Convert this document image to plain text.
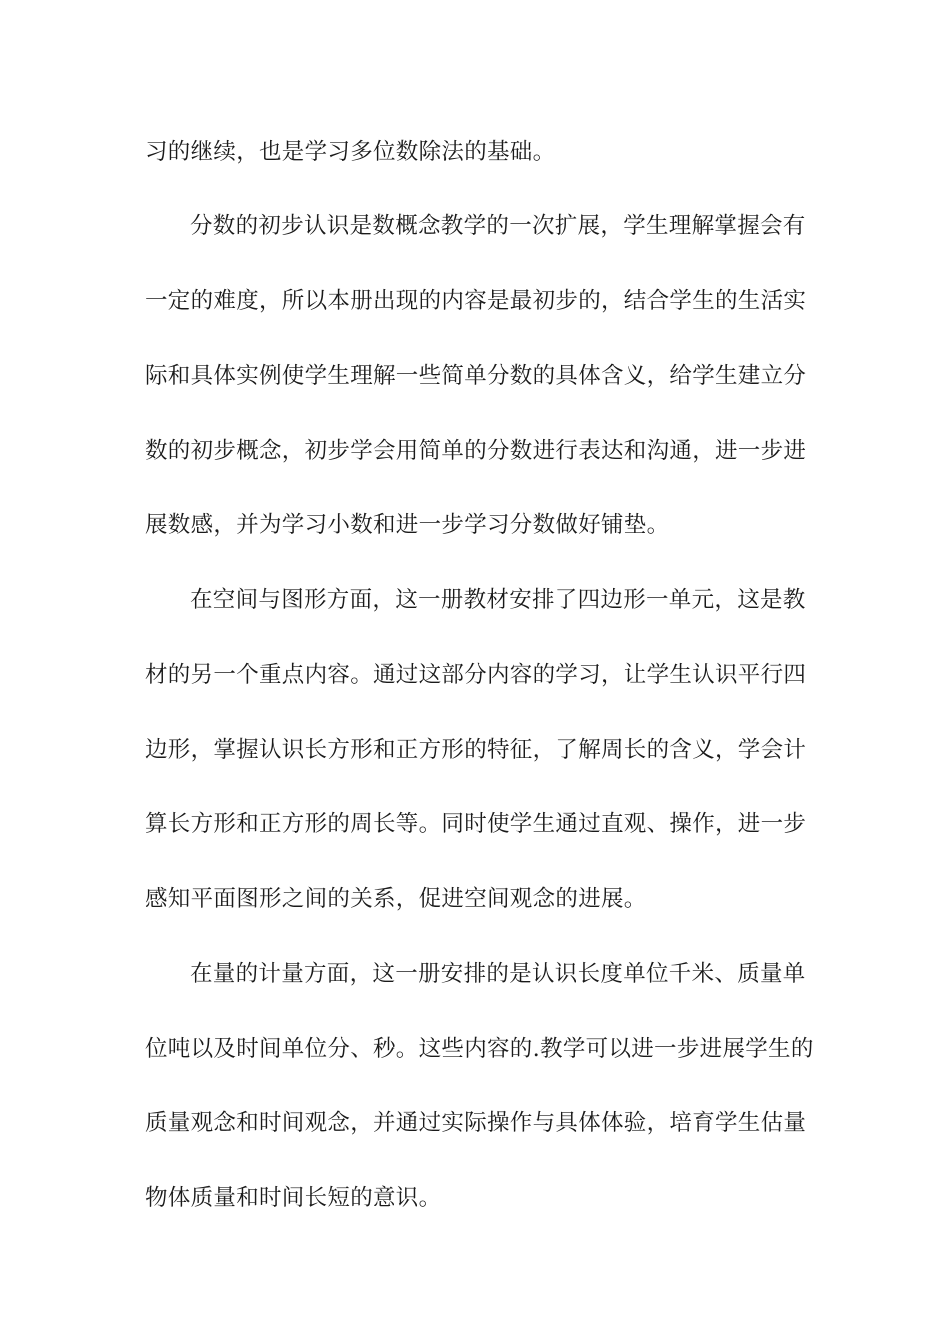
习的继续，也是学习多位数除法的基础。
分数的初步认识是数概念教学的一次扩展，学生理解掌握会有
一定的难度，所以本册出现的内容是最初步的，结合学生的生活实
际和具体实例使学生理解一些简单分数的具体含义，给学生建立分
数的初步概念，初步学会用简单的分数进行表达和沟通，进一步进
展数感，并为学习小数和进一步学习分数做好铺垫。
在空间与图形方面，这一册教材安排了四边形一单元，这是教
材的另一个重点内容。通过这部分内容的学习，让学生认识平行四
边形，掌握认识长方形和正方形的特征，了解周长的含义，学会计
算长方形和正方形的周长等。同时使学生通过直观、操作，进一步
感知平面图形之间的关系，促进空间观念的进展。
在量的计量方面，这一册安排的是认识长度单位千米、质量单
位吨以及时间单位分、秒。这些内容的.教学可以进一步进展学生的
质量观念和时间观念，并通过实际操作与具体体验，培育学生估量
物体质量和时间长短的意识。
